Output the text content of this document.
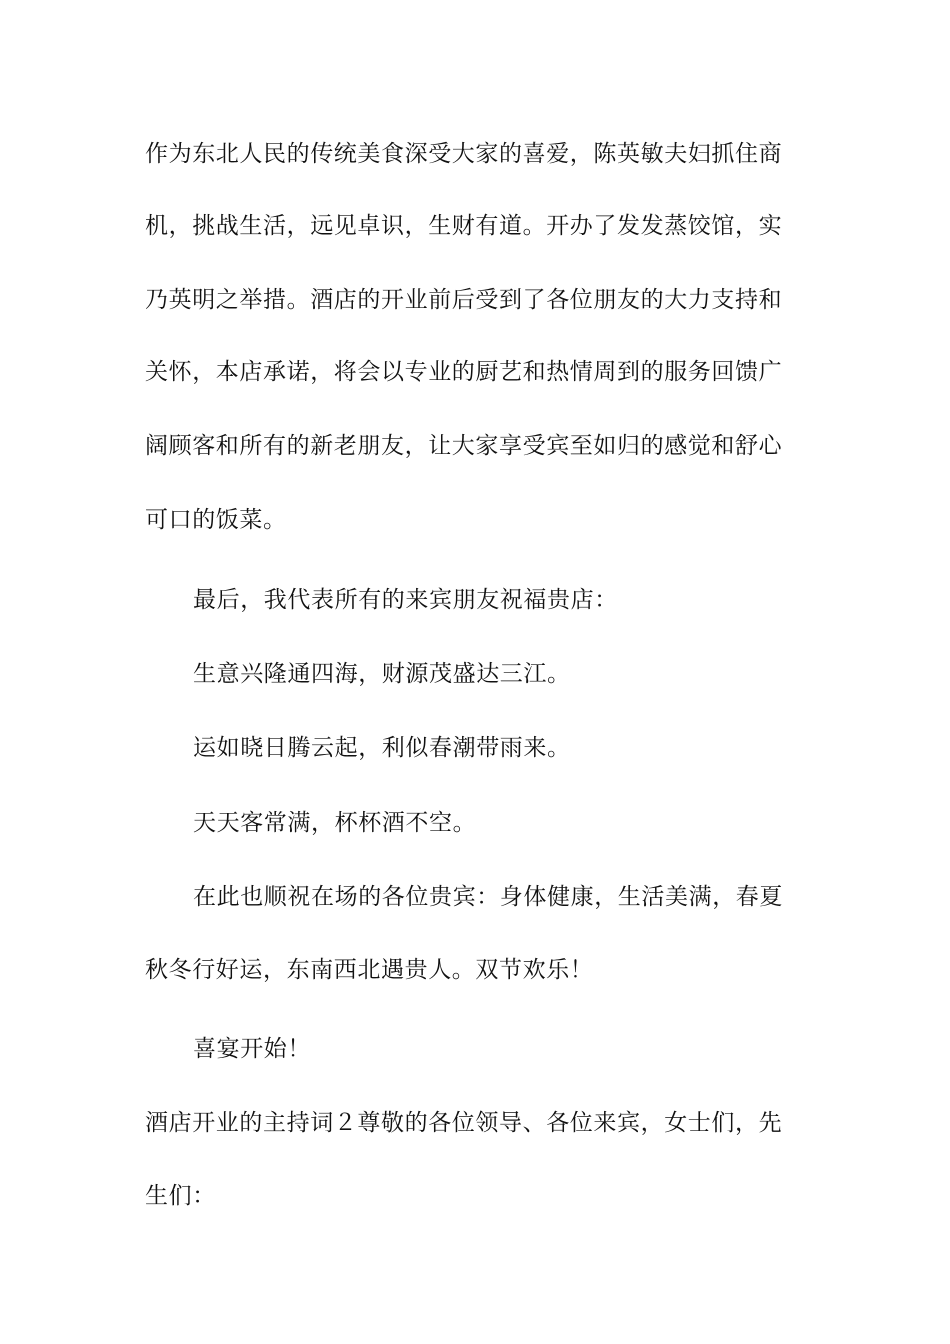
作为东北人民的传统美食深受大家的喜爱，陈英敏夫妇抓住商
机，挑战生活，远见卓识，生财有道。开办了发发蒸饺馆，实
乃英明之举措。酒店的开业前后受到了各位朋友的大力支持和
关怀，本店承诺，将会以专业的厨艺和热情周到的服务回馈广
阔顾客和所有的新老朋友，让大家享受宾至如归的感觉和舒心
可口的饭菜。
最后，我代表所有的来宾朋友祝福贵店：
生意兴隆通四海，财源茂盛达三江。
运如晓日腾云起，利似春潮带雨来。
天天客常满，杯杯酒不空。
在此也顺祝在场的各位贵宾：身体健康，生活美满，春夏
秋冬行好运，东南西北遇贵人。双节欢乐！
喜宴开始！
酒店开业的主持词２尊敬的各位领导、各位来宾，女士们，先
生们：
